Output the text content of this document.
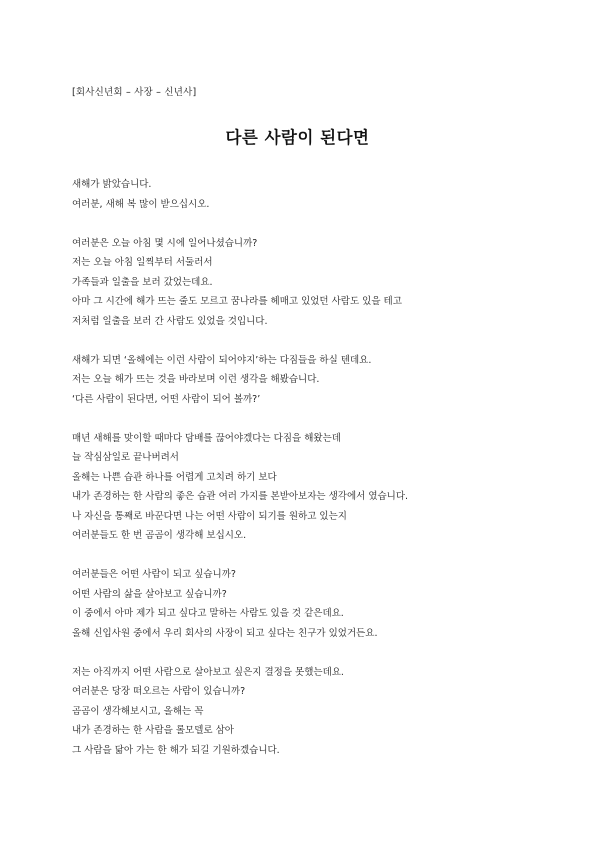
[회사신년회 – 사장 – 신년사]
다른 사람이 된다면
새해가 밝았습니다.
여러분, 새해 복 많이 받으십시오.
여러분은 오늘 아침 몇 시에 일어나셨습니까?
저는 오늘 아침 일찍부터 서둘러서
가족들과 일출을 보러 갔었는데요.
아마 그 시간에 해가 뜨는 줄도 모르고 꿈나라를 헤매고 있었던 사람도 있을 테고
저처럼 일출을 보러 간 사람도 있었을 것입니다.
새해가 되면 ‘올해에는 이런 사람이 되어야지’하는 다짐들을 하실 텐데요.
저는 오늘 해가 뜨는 것을 바라보며 이런 생각을 해봤습니다.
‘다른 사람이 된다면, 어떤 사람이 되어 볼까?’
매년 새해를 맞이할 때마다 담배를 끊어야겠다는 다짐을 해왔는데
늘 작심삼일로 끝나버려서
올해는 나쁜 습관 하나를 어렵게 고치려 하기 보다
내가 존경하는 한 사람의 좋은 습관 여러 가지를 본받아보자는 생각에서 였습니다.
나 자신을 통째로 바꾼다면 나는 어떤 사람이 되기를 원하고 있는지
여러분들도 한 번 곰곰이 생각해 보십시오.
여러분들은 어떤 사람이 되고 싶습니까?
어떤 사람의 삶을 살아보고 싶습니까?
이 중에서 아마 제가 되고 싶다고 말하는 사람도 있을 것 같은데요.
올해 신입사원 중에서 우리 회사의 사장이 되고 싶다는 친구가 있었거든요.
저는 아직까지 어떤 사람으로 살아보고 싶은지 결정을 못했는데요.
여러분은 당장 떠오르는 사람이 있습니까?
곰곰이 생각해보시고, 올해는 꼭
내가 존경하는 한 사람을 롤모델로 삼아
그 사람을 닮아 가는 한 해가 되길 기원하겠습니다.
